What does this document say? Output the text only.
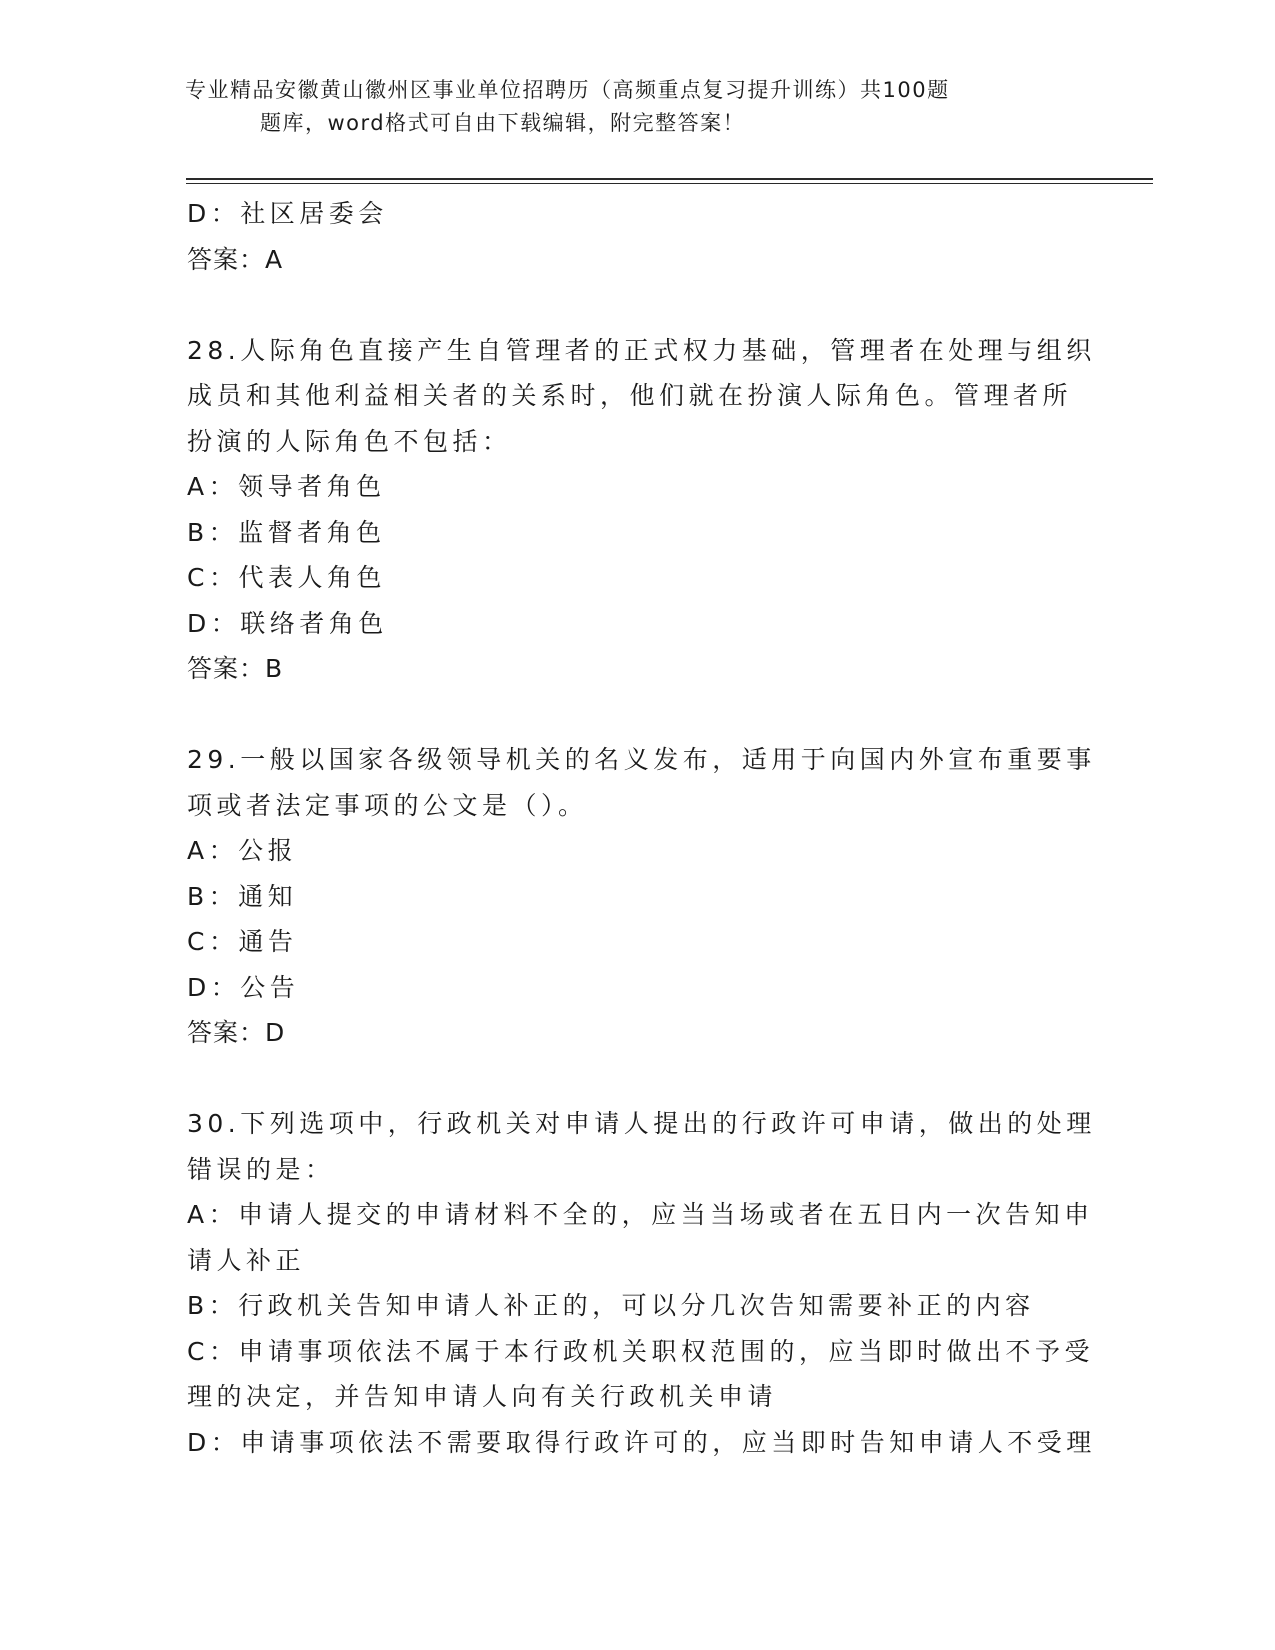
专业精品安徽黄山徽州区事业单位招聘历（高频重点复习提升训练）共100题
题库，word格式可自由下载编辑，附完整答案！
D：社区居委会
答案：A
28.人际角色直接产生自管理者的正式权力基础，管理者在处理与组织
成员和其他利益相关者的关系时，他们就在扮演人际角色。管理者所
扮演的人际角色不包括：
A：领导者角色
B：监督者角色
C：代表人角色
D：联络者角色
答案：B
29.一般以国家各级领导机关的名义发布，适用于向国内外宣布重要事
项或者法定事项的公文是（）。
A：公报
B：通知
C：通告
D：公告
答案：D
30.下列选项中，行政机关对申请人提出的行政许可申请，做出的处理
错误的是：
A：申请人提交的申请材料不全的，应当当场或者在五日内一次告知申
请人补正
B：行政机关告知申请人补正的，可以分几次告知需要补正的内容
C：申请事项依法不属于本行政机关职权范围的，应当即时做出不予受
理的决定，并告知申请人向有关行政机关申请
D：申请事项依法不需要取得行政许可的，应当即时告知申请人不受理
